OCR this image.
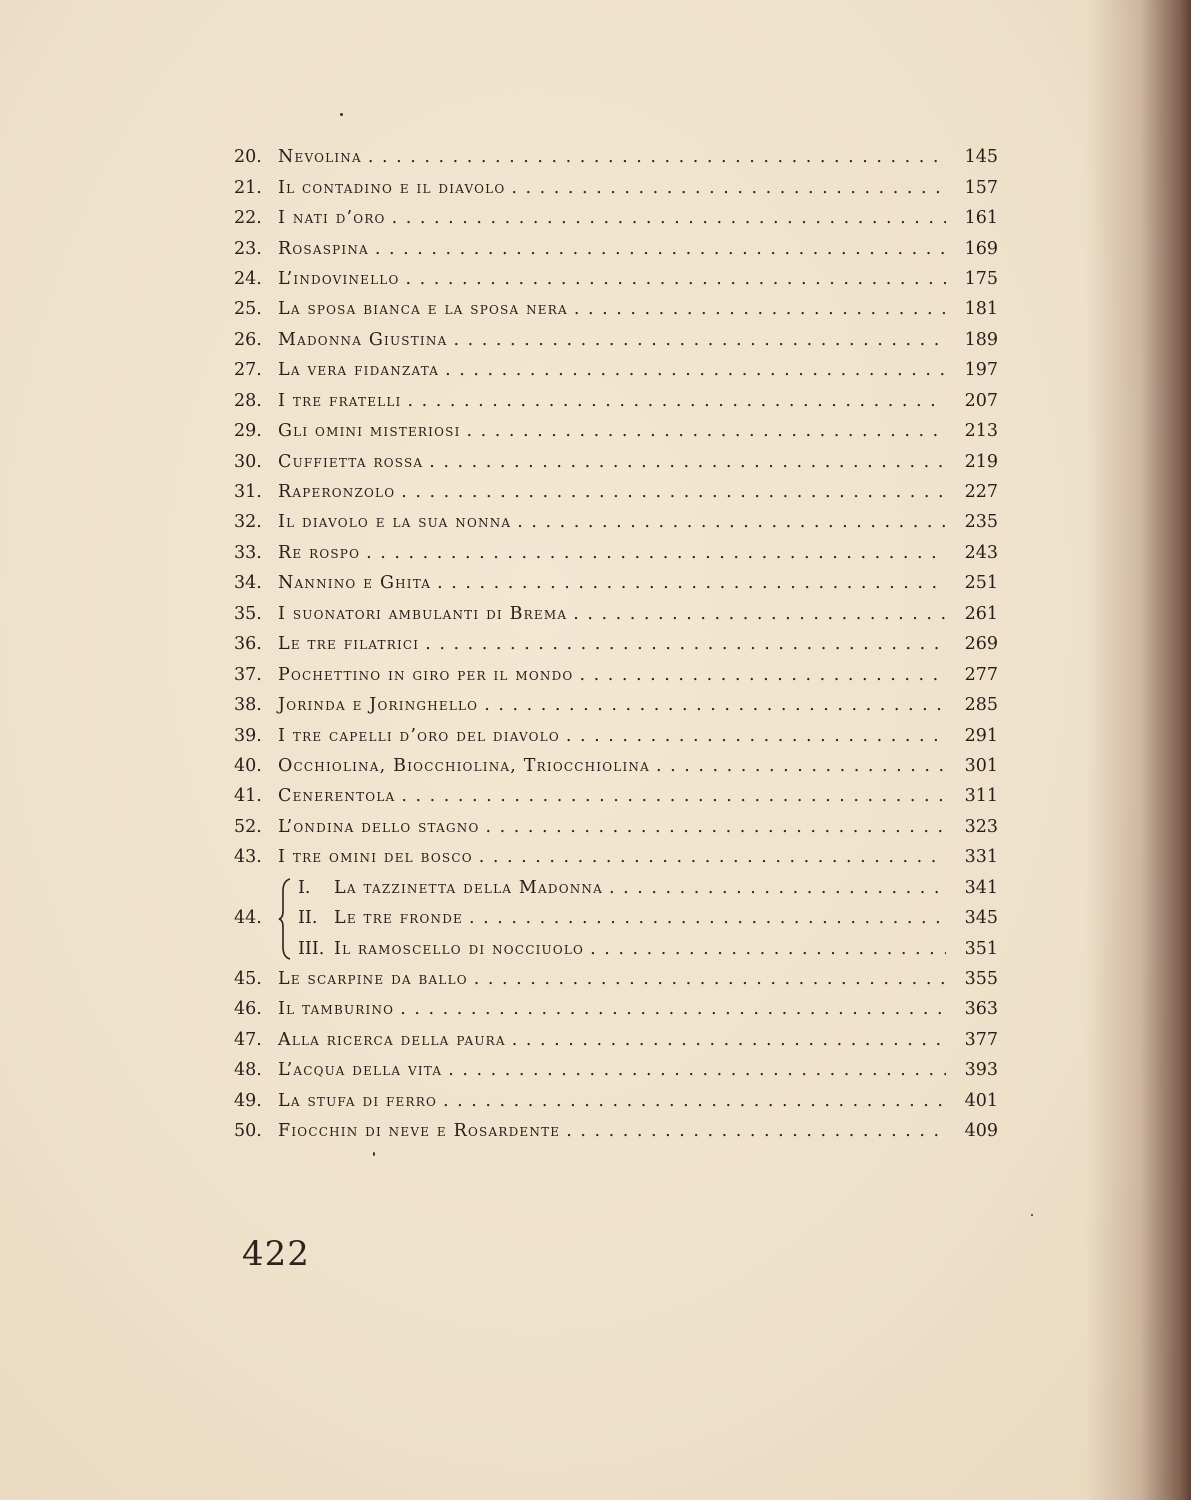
20. Nevolina . . .	145
21. Il contadino e il diavolo . . .	157
22. I nati d’oro . . .	161
23. Rosaspina . . .	169
24. L’indovinello . . .	175
25. La sposa bianca e la sposa nera . . .	181
26. Madonna Giustina . . .	189
27. La vera fidanzata . . .	197
28. I tre fratelli . . .	207
29. Gli omini misteriosi . . .	213
30. Cuffietta rossa . . .	219
31. Raperonzolo . . .	227
32. Il diavolo e la sua nonna . . .	235
33. Re rospo . . .	243
34. Nannino e Ghita . . .	251
35. I suonatori ambulanti di Brema . . .	261
36. Le tre filatrici . . .	269
37. Pochettino in giro per il mondo . . .	277
38. Jorinda e Joringhello . . .	285
39. I tre capelli d’oro del diavolo . . .	291
40. Occhiolina, Biocchiolina, Triocchiolina . . .	301
41. Cenerentola . . .	311
52. L’ondina dello stagno . . .	323
43. I tre omini del bosco . . .	331
44.
I.	La tazzinetta della Madonna . . .	341
II. Le tre fronde . . .	345
III. Il ramoscello di nocciuolo . . .	351
45. Le scarpine da ballo . . .	355
46. Il tamburino . . .	363
47. Alla ricerca della paura . . .	377
48. L’acqua della vita . . .	393
49. La stufa di ferro . . .	401
50. Fiocchin di neve e Rosardente . . .	409
422
